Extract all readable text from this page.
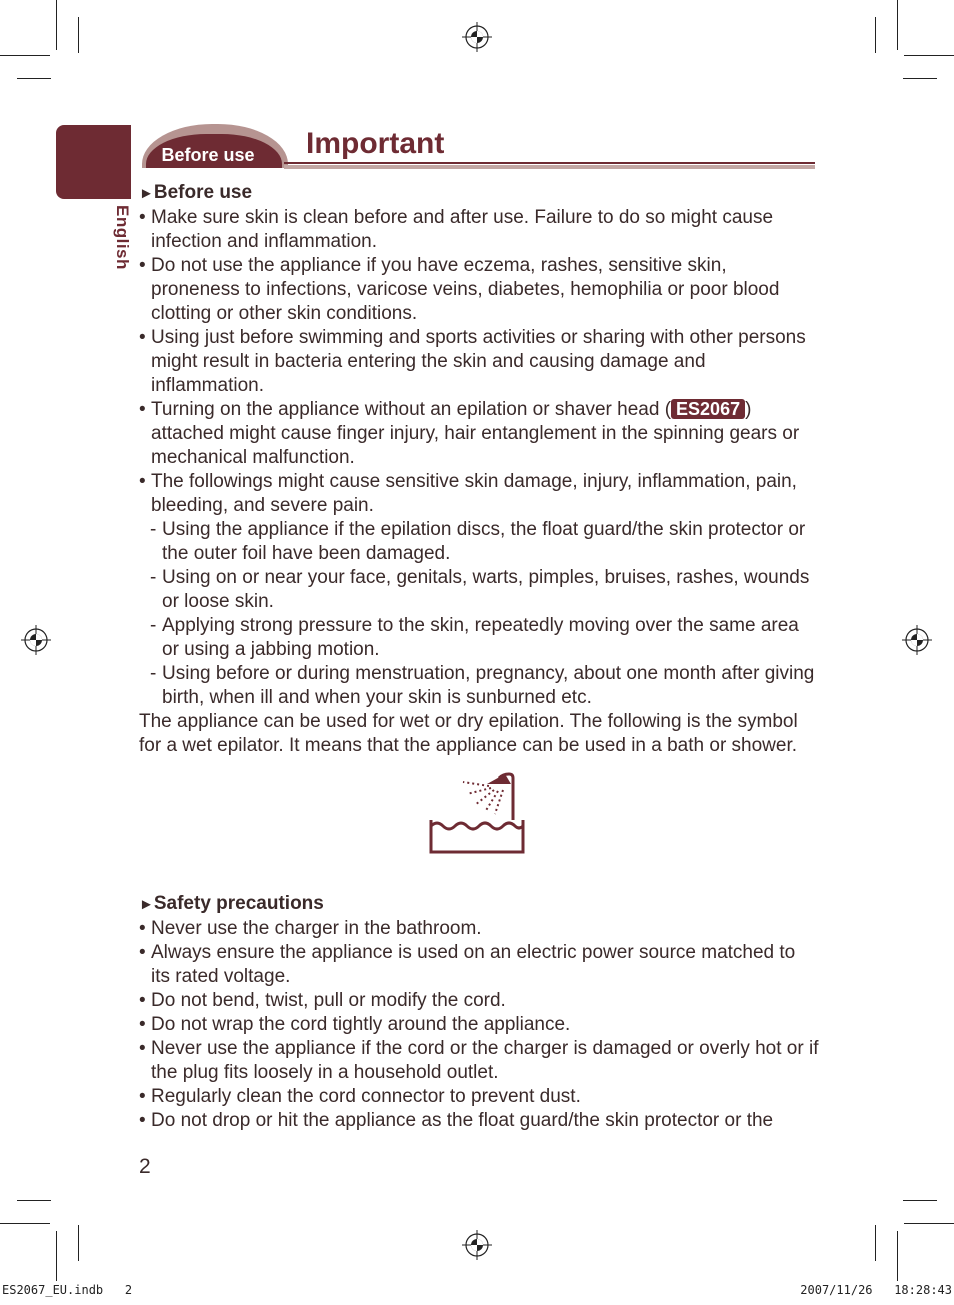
English
Before use	Important
►Before use
• Make sure skin is clean before and after use. Failure to do so might cause infection and inflammation.
• Do not use the appliance if you have eczema, rashes, sensitive skin, proneness to infections, varicose veins, diabetes, hemophilia or poor blood clotting or other skin conditions.
• Using just before swimming and sports activities or sharing with other persons might result in bacteria entering the skin and causing damage and inflammation.
• Turning on the appliance without an epilation or shaver head ( ES2067 ) attached might cause finger injury, hair entanglement in the spinning gears or mechanical malfunction.
• The followings might cause sensitive skin damage, injury, inflammation, pain, bleeding, and severe pain.
- Using the appliance if the epilation discs, the float guard/the skin protector or the outer foil have been damaged.
- Using on or near your face, genitals, warts, pimples, bruises, rashes, wounds or loose skin.
- Applying strong pressure to the skin, repeatedly moving over the same area or using a jabbing motion.
- Using before or during menstruation, pregnancy, about one month after giving birth, when ill and when your skin is sunburned etc.
The appliance can be used for wet or dry epilation. The following is the symbol for a wet epilator. It means that the appliance can be used in a bath or shower.
►Safety precautions
• Never use the charger in the bathroom.
• Always ensure the appliance is used on an electric power source matched to its rated voltage.
• Do not bend, twist, pull or modify the cord.
• Do not wrap the cord tightly around the appliance.
• Never use the appliance if the cord or the charger is damaged or overly hot or if the plug fits loosely in a household outlet.
• Regularly clean the cord connector to prevent dust.
• Do not drop or hit the appliance as the float guard/the skin protector or the
2
ES2067_EU.indb   2	2007/11/26   18:28:43
